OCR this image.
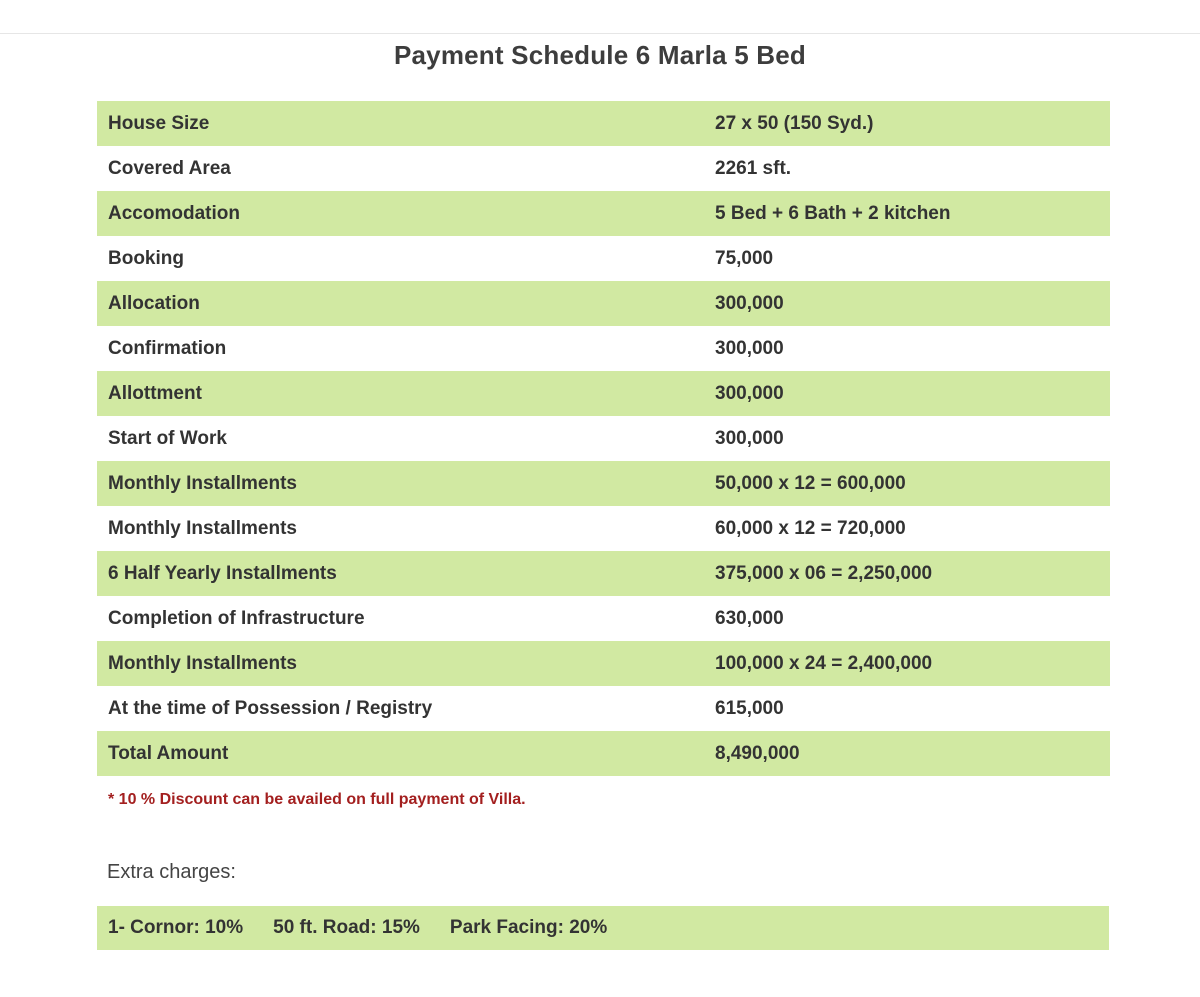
Payment Schedule 6 Marla 5 Bed
House Size	27 x 50 (150 Syd.)
Covered Area	2261 sft.
Accomodation	5 Bed + 6 Bath + 2 kitchen
Booking	75,000
Allocation	300,000
Confirmation	300,000
Allottment	300,000
Start of Work	300,000
Monthly Installments	50,000 x 12 = 600,000
Monthly Installments	60,000 x 12 = 720,000
6 Half Yearly Installments	375,000 x 06 = 2,250,000
Completion of Infrastructure	630,000
Monthly Installments	100,000 x 24 = 2,400,000
At the time of Possession / Registry	615,000
Total Amount	8,490,000
* 10 % Discount can be availed on full payment of Villa.
Extra charges:
1- Cornor: 10% 50 ft. Road: 15% Park Facing: 20%
